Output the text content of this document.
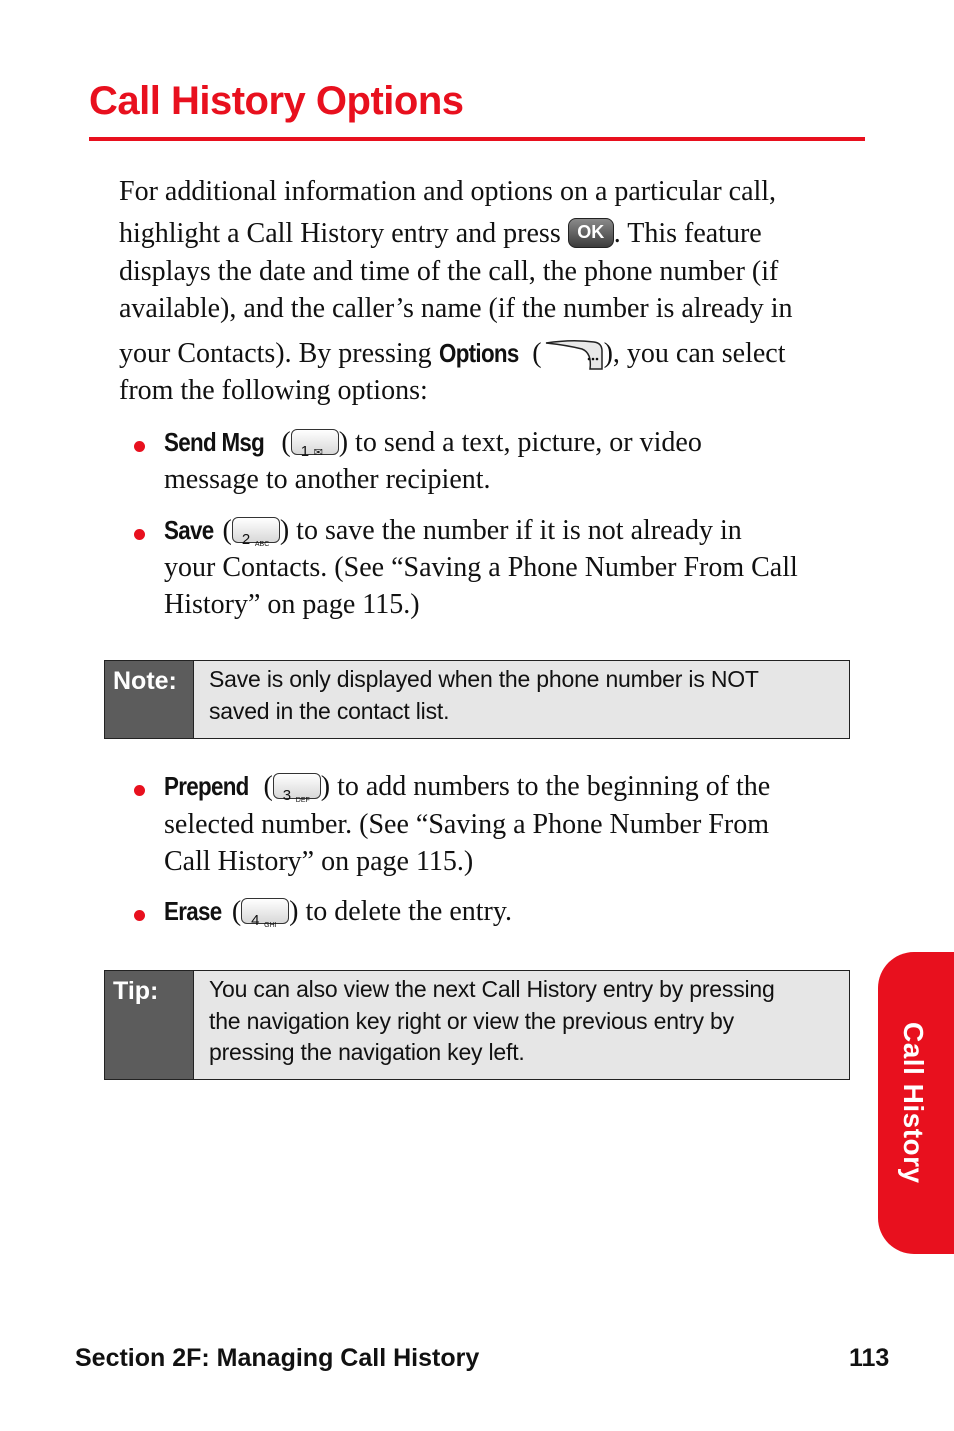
Call History Options

For additional information and options on a particular call,

highlight a Call History entry and press OK . This feature

displays the date and time of the call, the phone number (if

available), and the caller’s name (if the number is already in

your Contacts). By pressing Options ( ), you can select

from the following options:

Send Msg ( 1 ✉ ) to send a text, picture, or video

message to another recipient.

Save ( 2 ABC ) to save the number if it is not already in

your Contacts. (See “Saving a Phone Number From Call

History” on page 115.)

Note:	Save is only displayed when the phone number is NOT
saved in the contact list.

Prepend ( 3 DEF ) to add numbers to the beginning of the

selected number. (See “Saving a Phone Number From

Call History” on page 115.)

Erase ( 4 GHI ) to delete the entry.

Tip:	You can also view the next Call History entry by pressing
the navigation key right or view the previous entry by
pressing the navigation key left.	Call History

Section 2F: Managing Call History	113
